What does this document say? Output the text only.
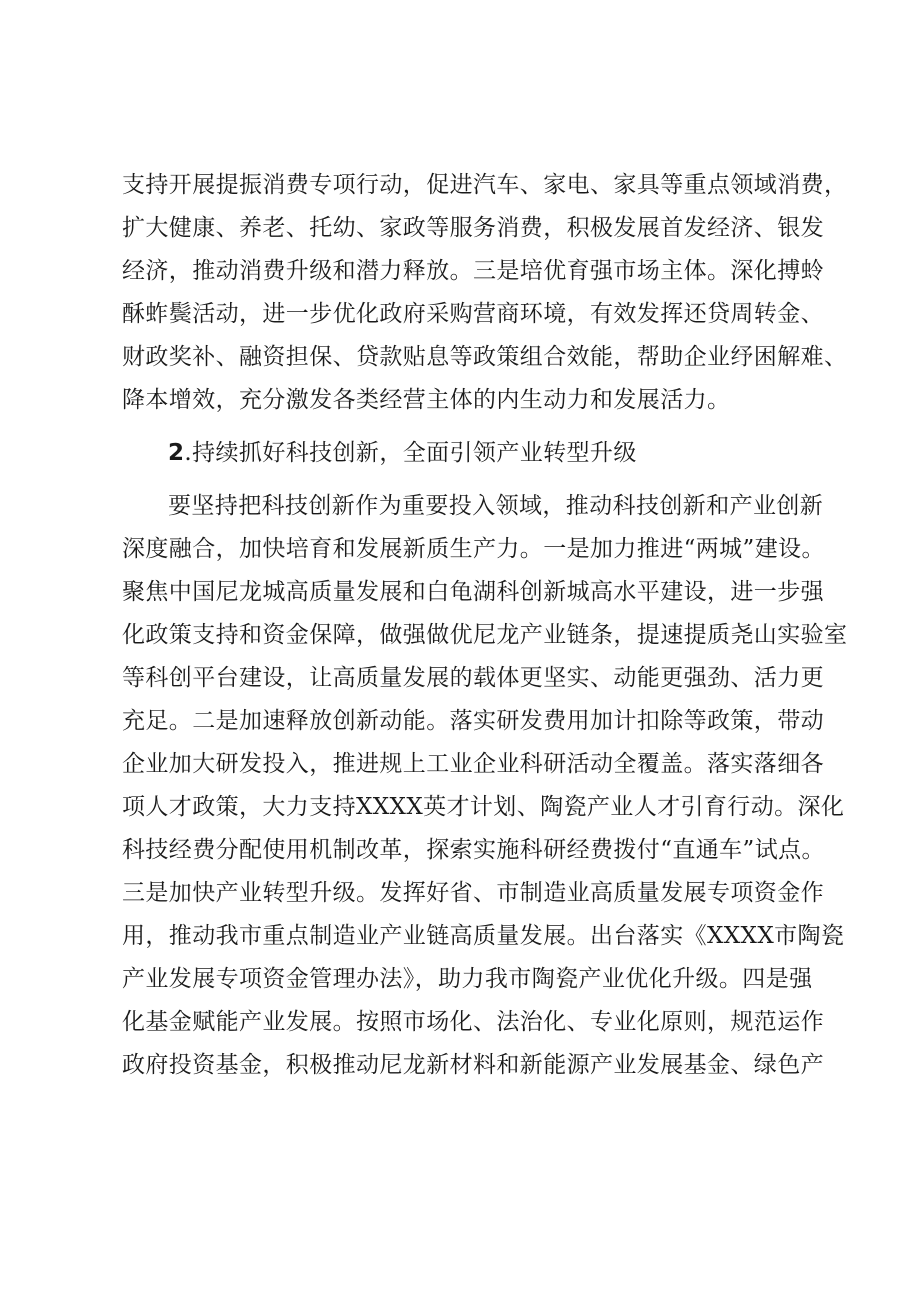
支持开展提振消费专项行动，促进汽车、家电、家具等重点领域消费，
扩大健康、养老、托幼、家政等服务消费，积极发展首发经济、银发
经济，推动消费升级和潜力释放。三是培优育强市场主体。深化搏蛉
酥蚱鬓活动，进一步优化政府采购营商环境，有效发挥还贷周转金、
财政奖补、融资担保、贷款贴息等政策组合效能，帮助企业纾困解难、
降本增效，充分激发各类经营主体的内生动力和发展活力。
2.持续抓好科技创新，全面引领产业转型升级
要坚持把科技创新作为重要投入领域，推动科技创新和产业创新
深度融合，加快培育和发展新质生产力。一是加力推进“两城”建设。
聚焦中国尼龙城高质量发展和白龟湖科创新城高水平建设，进一步强
化政策支持和资金保障，做强做优尼龙产业链条，提速提质尧山实验室
等科创平台建设，让高质量发展的载体更坚实、动能更强劲、活力更
充足。二是加速释放创新动能。落实研发费用加计扣除等政策，带动
企业加大研发投入，推进规上工业企业科研活动全覆盖。落实落细各
项人才政策，大力支持XXXX英才计划、陶瓷产业人才引育行动。深化
科技经费分配使用机制改革，探索实施科研经费拨付“直通车”试点。
三是加快产业转型升级。发挥好省、市制造业高质量发展专项资金作
用，推动我市重点制造业产业链高质量发展。出台落实《XXXX市陶瓷
产业发展专项资金管理办法》，助力我市陶瓷产业优化升级。四是强
化基金赋能产业发展。按照市场化、法治化、专业化原则，规范运作
政府投资基金，积极推动尼龙新材料和新能源产业发展基金、绿色产
